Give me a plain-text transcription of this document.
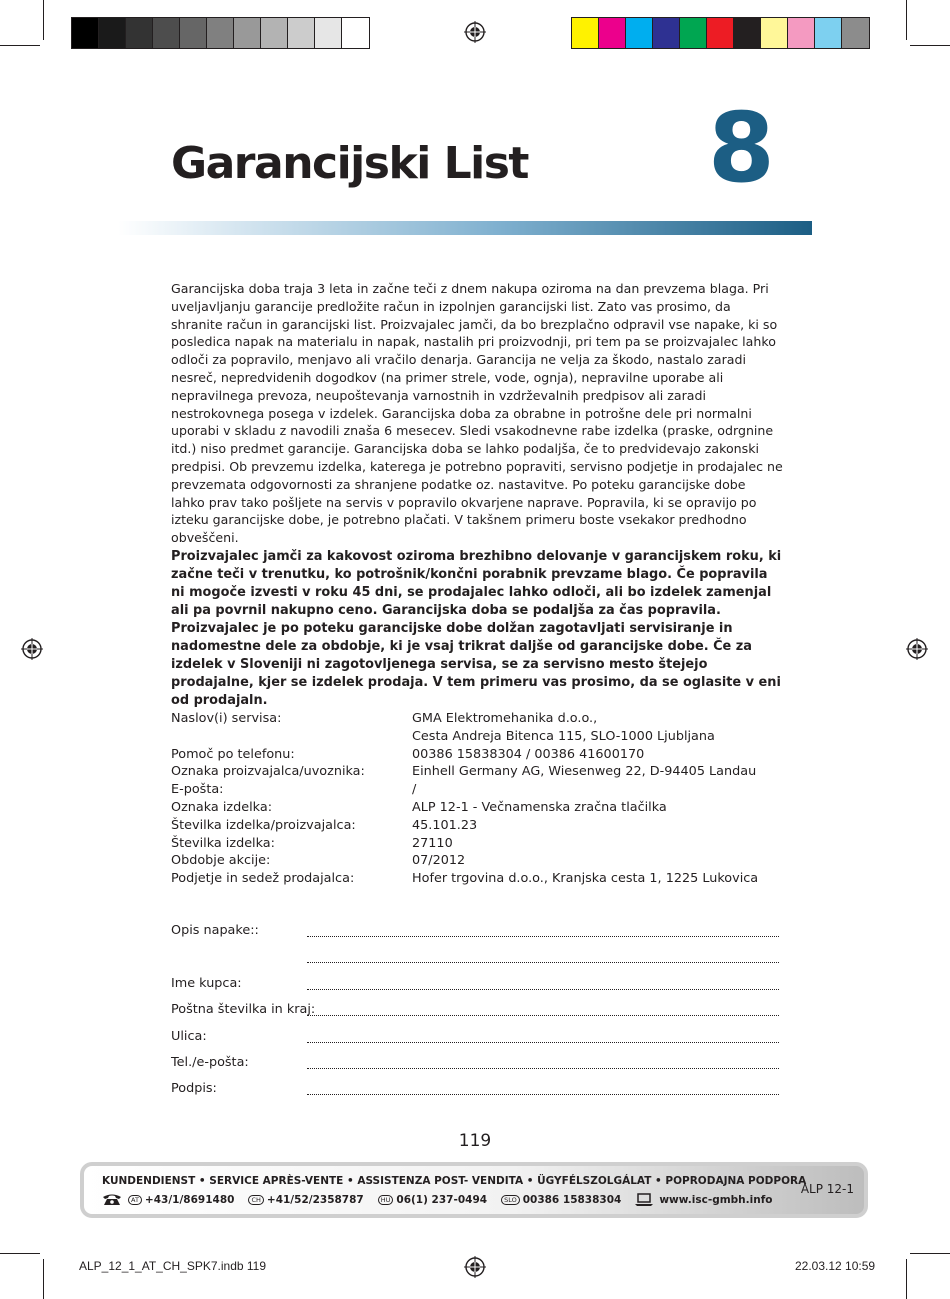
Garancijski List 8

Garancijska doba traja 3 leta in začne teči z dnem nakupa oziroma na dan prevzema blaga. Pri uveljavljanju garancije predložite račun in izpolnjen garancijski list. Zato vas prosimo, da shranite račun in garancijski list. Proizvajalec jamči, da bo brezplačno odpravil vse napake, ki so posledica napak na materialu in napak, nastalih pri proizvodnji, pri tem pa se proizvajalec lahko odloči za popravilo, menjavo ali vračilo denarja. Garancija ne velja za škodo, nastalo zaradi nesreč, nepredvidenih dogodkov (na primer strele, vode, ognja), nepravilne uporabe ali nepravilnega prevoza, neupoštevanja varnostnih in vzdrževalnih predpisov ali zaradi nestrokovnega posega v izdelek. Garancijska doba za obrabne in potrošne dele pri normalni uporabi v skladu z navodili znaša 6 mesecev. Sledi vsakodnevne rabe izdelka (praske, odrgnine itd.) niso predmet garancije. Garancijska doba se lahko podaljša, če to predvidevajo zakonski predpisi. Ob prevzemu izdelka, katerega je potrebno popraviti, servisno podjetje in prodajalec ne prevzemata odgovornosti za shranjene podatke oz. nastavitve. Po poteku garancijske dobe lahko prav tako pošljete na servis v popravilo okvarjene naprave. Popravila, ki se opravijo po izteku garancijske dobe, je potrebno plačati. V takšnem primeru boste vsekakor predhodno obveščeni.

Proizvajalec jamči za kakovost oziroma brezhibno delovanje v garancijskem roku, ki začne teči v trenutku, ko potrošnik/končni porabnik prevzame blago. Če popravila ni mogoče izvesti v roku 45 dni, se prodajalec lahko odloči, ali bo izdelek zamenjal ali pa povrnil nakupno ceno. Garancijska doba se podaljša za čas popravila. Proizvajalec je po poteku garancijske dobe dolžan zagotavljati servisiranje in nadomestne dele za obdobje, ki je vsaj trikrat daljše od garancijske dobe. Če za izdelek v Sloveniji ni zagotovljenega servisa, se za servisno mesto štejejo prodajalne, kjer se izdelek prodaja. V tem primeru vas prosimo, da se oglasite v eni od prodajaln.

Naslov(i) servisa:	GMA Elektromehanika d.o.o.,
Cesta Andreja Bitenca 115, SLO-1000 Ljubljana
Pomoč po telefonu:	00386 15838304 / 00386 41600170
Oznaka proizvajalca/uvoznika:	Einhell Germany AG, Wiesenweg 22, D-94405 Landau
E-pošta:	/
Oznaka izdelka:	ALP 12-1 - Večnamenska zračna tlačilka
Številka izdelka/proizvajalca:	45.101.23
Številka izdelka:	27110
Obdobje akcije:	07/2012
Podjetje in sedež prodajalca:	Hofer trgovina d.o.o., Kranjska cesta 1, 1225 Lukovica
Opis napake::
Ime kupca:
Poštna številka in kraj:
Ulica:
Tel./e-pošta:
Podpis:
119
KUNDENDIENST • SERVICE APRÈS-VENTE • ASSISTENZA POST- VENDITA • ÜGYFÉLSZOLGÁLAT • POPRODAJNA PODPORA
AT +43/1/8691480	CH +41/52/2358787	HU 06(1) 237-0494	SLO 00386 15838304	www.isc-gmbh.info
ALP 12-1
ALP_12_1_AT_CH_SPK7.indb 119	22.03.12 10:59
